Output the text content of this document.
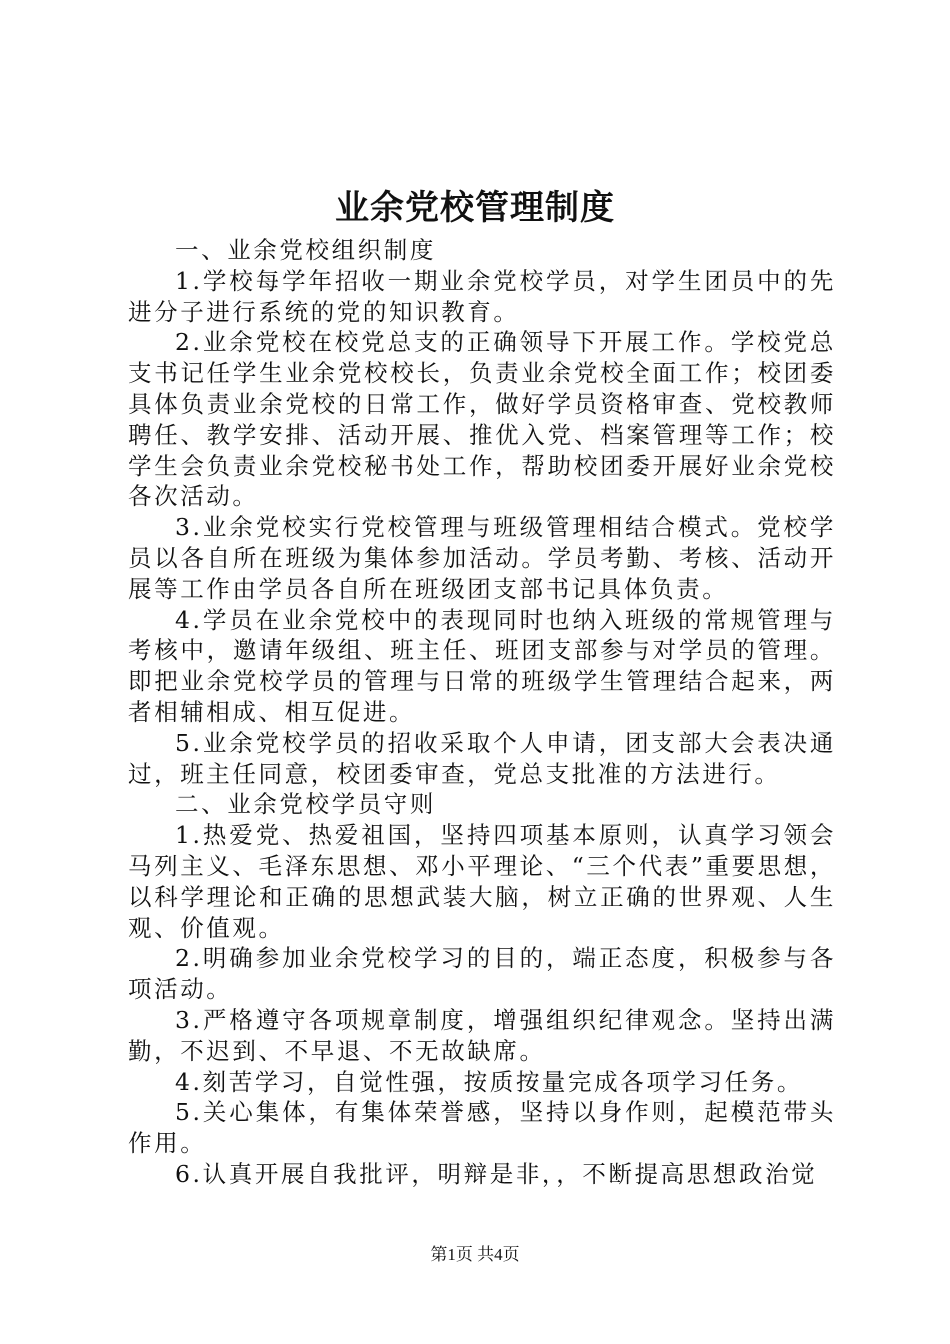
业余党校管理制度

一、业余党校组织制度

1.学校每学年招收一期业余党校学员，对学生团员中的先进分子进行系统的党的知识教育。

2.业余党校在校党总支的正确领导下开展工作。学校党总支书记任学生业余党校校长，负责业余党校全面工作；校团委具体负责业余党校的日常工作，做好学员资格审查、党校教师聘任、教学安排、活动开展、推优入党、档案管理等工作；校学生会负责业余党校秘书处工作，帮助校团委开展好业余党校各次活动。

3.业余党校实行党校管理与班级管理相结合模式。党校学员以各自所在班级为集体参加活动。学员考勤、考核、活动开展等工作由学员各自所在班级团支部书记具体负责。

4.学员在业余党校中的表现同时也纳入班级的常规管理与考核中，邀请年级组、班主任、班团支部参与对学员的管理。即把业余党校学员的管理与日常的班级学生管理结合起来，两者相辅相成、相互促进。

5.业余党校学员的招收采取个人申请，团支部大会表决通过，班主任同意，校团委审查，党总支批准的方法进行。

二、业余党校学员守则

1.热爱党、热爱祖国，坚持四项基本原则，认真学习领会马列主义、毛泽东思想、邓小平理论、“三个代表”重要思想，以科学理论和正确的思想武装大脑，树立正确的世界观、人生观、价值观。

2.明确参加业余党校学习的目的，端正态度，积极参与各项活动。

3.严格遵守各项规章制度，增强组织纪律观念。坚持出满勤，不迟到、不早退、不无故缺席。

4.刻苦学习，自觉性强，按质按量完成各项学习任务。

5.关心集体，有集体荣誉感，坚持以身作则，起模范带头作用。

6.认真开展自我批评，明辩是非，，不断提高思想政治觉

第1页 共4页
